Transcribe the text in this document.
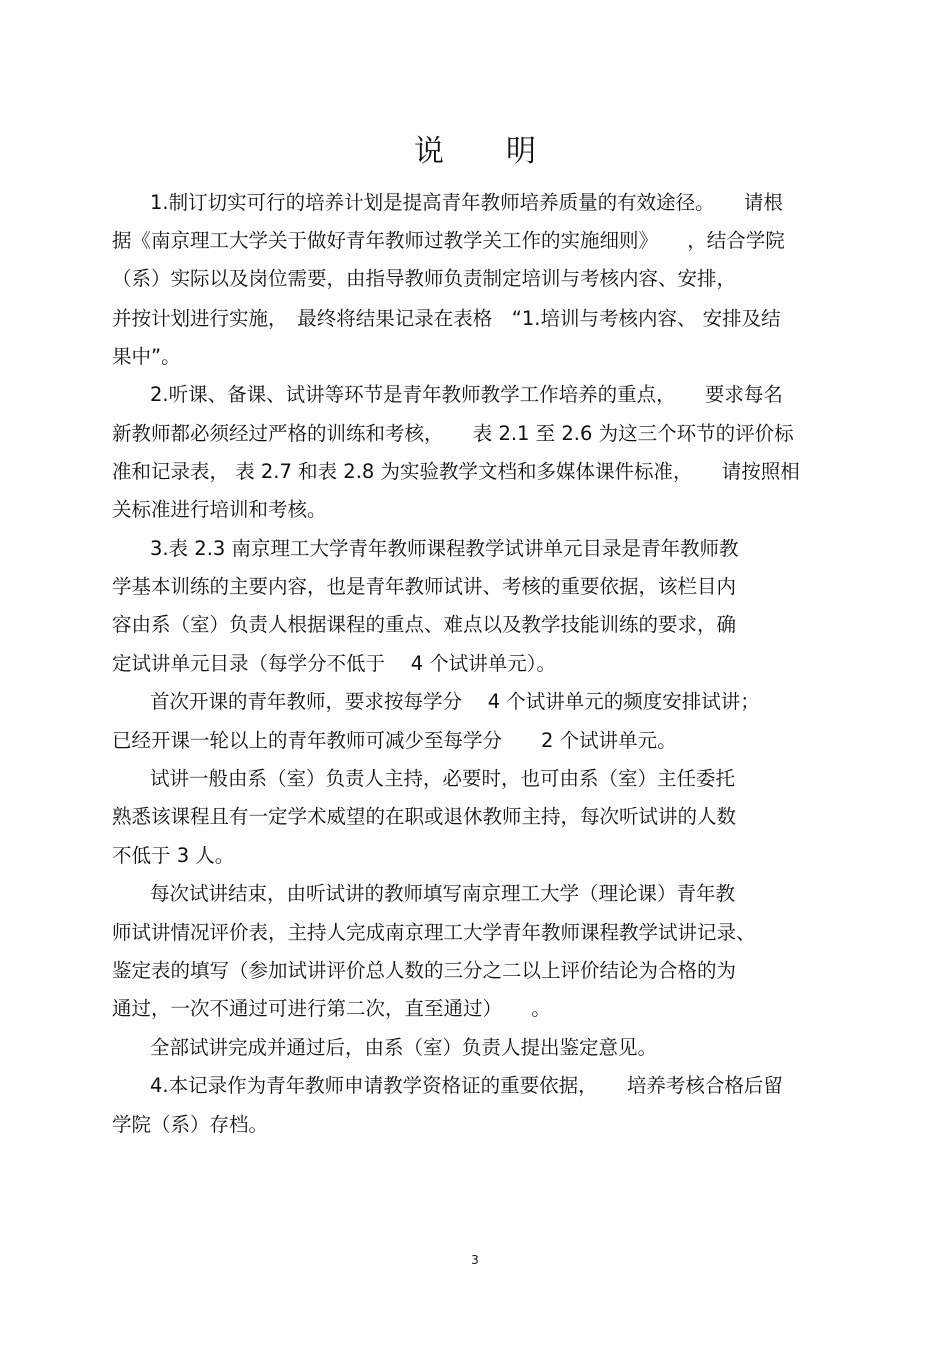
说 明
1.制订切实可行的培养计划是提高青年教师培养质量的有效途径。　　请根
据《南京理工大学关于做好青年教师过教学关工作的实施细则》　　，结合学院
（系）实际以及岗位需要，由指导教师负责制定培训与考核内容、安排，
并按计划进行实施，　最终将结果记录在表格　“1.培训与考核内容、 安排及结
果中”。
2.听课、备课、试讲等环节是青年教师教学工作培养的重点，　　要求每名
新教师都必须经过严格的训练和考核，　　表 2.1 至 2.6 为这三个环节的评价标
准和记录表， 表 2.7 和表 2.8 为实验教学文档和多媒体课件标准，　　请按照相
关标准进行培训和考核。
3.表 2.3 南京理工大学青年教师课程教学试讲单元目录是青年教师教
学基本训练的主要内容，也是青年教师试讲、考核的重要依据，该栏目内
容由系（室）负责人根据课程的重点、难点以及教学技能训练的要求，确
定试讲单元目录（每学分不低于　 4 个试讲单元）。
首次开课的青年教师，要求按每学分　 4 个试讲单元的频度安排试讲；
已经开课一轮以上的青年教师可减少至每学分　　2 个试讲单元。
试讲一般由系（室）负责人主持，必要时，也可由系（室）主任委托
熟悉该课程且有一定学术威望的在职或退休教师主持，每次听试讲的人数
不低于 3 人。
每次试讲结束，由听试讲的教师填写南京理工大学（理论课）青年教
师试讲情况评价表，主持人完成南京理工大学青年教师课程教学试讲记录、
鉴定表的填写（参加试讲评价总人数的三分之二以上评价结论为合格的为
通过，一次不通过可进行第二次，直至通过）　　。
全部试讲完成并通过后，由系（室）负责人提出鉴定意见。
4.本记录作为青年教师申请教学资格证的重要依据，　　培养考核合格后留
学院（系）存档。
3
